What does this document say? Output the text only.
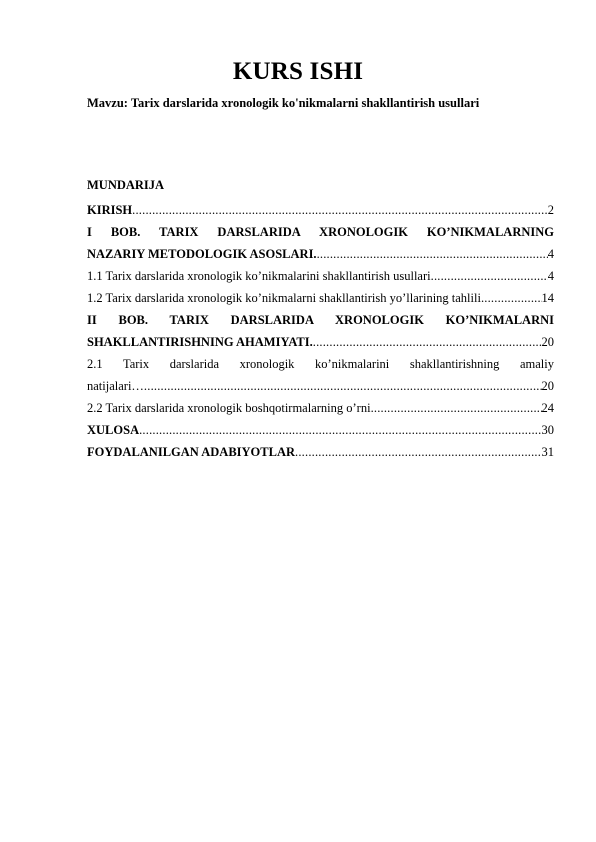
KURS ISHI
Mavzu: Tarix darslarida xronologik ko'nikmalarni shakllantirish usullari
MUNDARIJA
KIRISH .....	2
I BOB. TARIX DARSLARIDA XRONOLOGIK KO’NIKMALARNING
NAZARIY METODOLOGIK ASOSLARI. .....	4
1.1 Tarix darslarida xronologik ko’nikmalarini shakllantirish usullari .....	4
1.2 Tarix darslarida xronologik ko’nikmalarni shakllantirish yo’llarining tahlili .....	14
II BOB. TARIX DARSLARIDA XRONOLOGIK KO’NIKMALARNI
SHAKLLANTIRISHNING AHAMIYATI. .....	20
2.1 Tarix darslarida xronologik ko’nikmalarini shakllantirishning amaliy
natijalari… .....	20
2.2 Tarix darslarida xronologik boshqotirmalarning o’rni .....	24
XULOSA .....	30
FOYDALANILGAN ADABIYOTLAR .....	31
